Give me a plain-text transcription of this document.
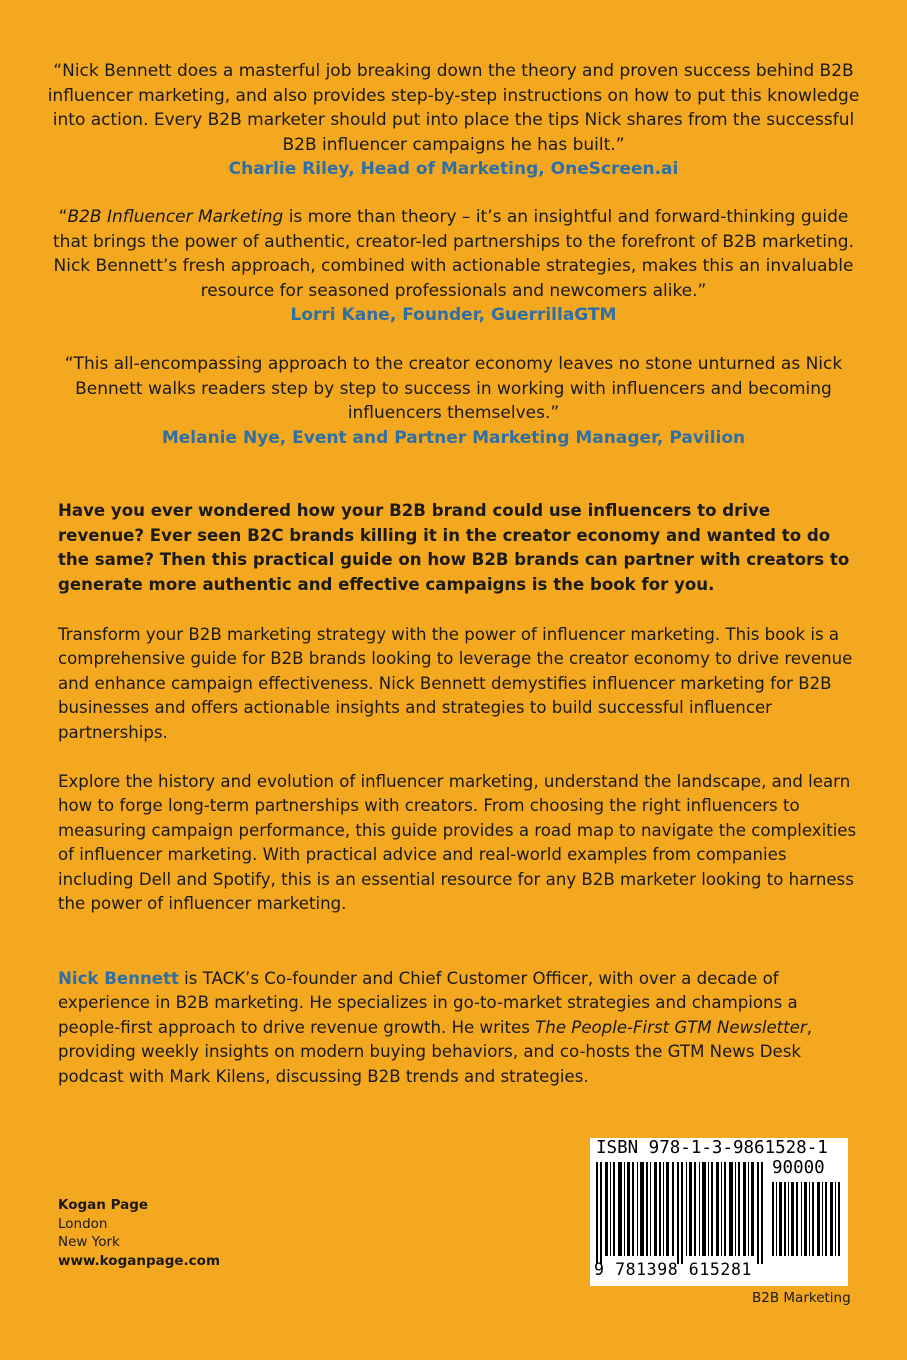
“Nick Bennett does a masterful job breaking down the theory and proven success behind B2B influencer marketing, and also provides step-by-step instructions on how to put this knowledge into action. Every B2B marketer should put into place the tips Nick shares from the successful B2B influencer campaigns he has built.”

Charlie Riley, Head of Marketing, OneScreen.ai

“B2B Influencer Marketing is more than theory – it’s an insightful and forward-thinking guide that brings the power of authentic, creator-led partnerships to the forefront of B2B marketing. Nick Bennett’s fresh approach, combined with actionable strategies, makes this an invaluable resource for seasoned professionals and newcomers alike.”

Lorri Kane, Founder, GuerrillaGTM

“This all-encompassing approach to the creator economy leaves no stone unturned as Nick Bennett walks readers step by step to success in working with influencers and becoming influencers themselves.”

Melanie Nye, Event and Partner Marketing Manager, Pavilion

Have you ever wondered how your B2B brand could use influencers to drive revenue? Ever seen B2C brands killing it in the creator economy and wanted to do the same? Then this practical guide on how B2B brands can partner with creators to generate more authentic and effective campaigns is the book for you.

Transform your B2B marketing strategy with the power of influencer marketing. This book is a comprehensive guide for B2B brands looking to leverage the creator economy to drive revenue and enhance campaign effectiveness. Nick Bennett demystifies influencer marketing for B2B businesses and offers actionable insights and strategies to build successful influencer partnerships.

Explore the history and evolution of influencer marketing, understand the landscape, and learn how to forge long-term partnerships with creators. From choosing the right influencers to measuring campaign performance, this guide provides a road map to navigate the complexities of influencer marketing. With practical advice and real-world examples from companies including Dell and Spotify, this is an essential resource for any B2B marketer looking to harness the power of influencer marketing.

Nick Bennett is TACK’s Co-founder and Chief Customer Officer, with over a decade of experience in B2B marketing. He specializes in go-to-market strategies and champions a people-first approach to drive revenue growth. He writes The People-First GTM Newsletter, providing weekly insights on modern buying behaviors, and co-hosts the GTM News Desk podcast with Mark Kilens, discussing B2B trends and strategies.

Kogan Page
London
New York
www.koganpage.com
ISBN 978-1-3-9861528-1
90000
9 781398 615281
B2B Marketing
